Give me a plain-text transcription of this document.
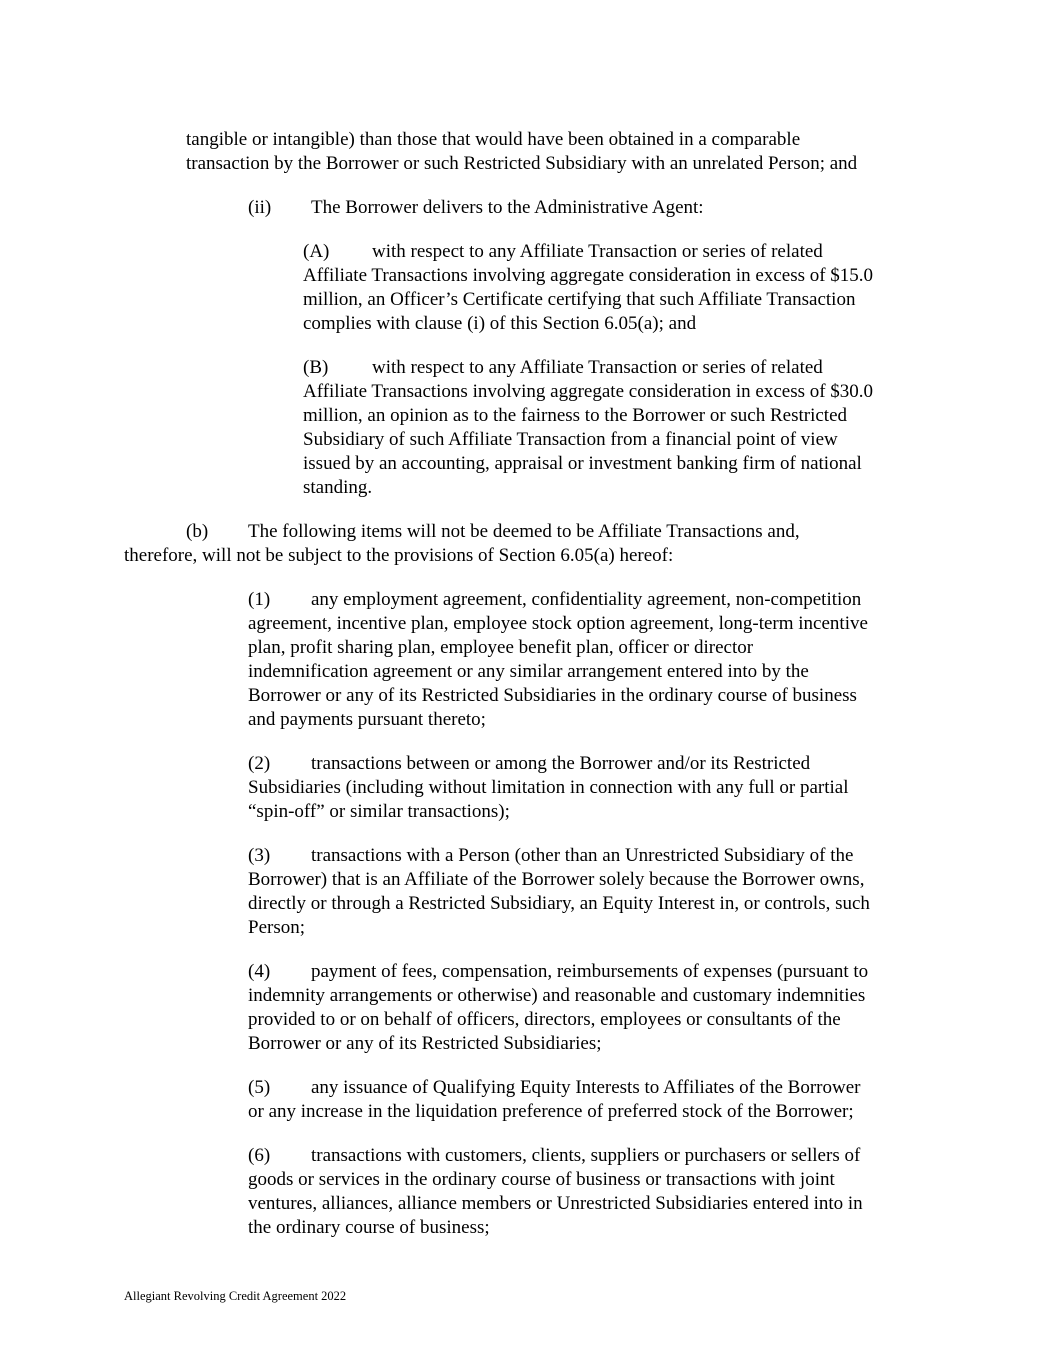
tangible or intangible) than those that would have been obtained in a comparable
transaction by the Borrower or such Restricted Subsidiary with an unrelated Person; and
(ii) The Borrower delivers to the Administrative Agent:
(A) with respect to any Affiliate Transaction or series of related
Affiliate Transactions involving aggregate consideration in excess of $15.0
million, an Officer’s Certificate certifying that such Affiliate Transaction
complies with clause (i) of this Section 6.05(a); and
(B) with respect to any Affiliate Transaction or series of related
Affiliate Transactions involving aggregate consideration in excess of $30.0
million, an opinion as to the fairness to the Borrower or such Restricted
Subsidiary of such Affiliate Transaction from a financial point of view
issued by an accounting, appraisal or investment banking firm of national
standing.
(b) The following items will not be deemed to be Affiliate Transactions and,
therefore, will not be subject to the provisions of Section 6.05(a) hereof:
(1) any employment agreement, confidentiality agreement, non-competition
agreement, incentive plan, employee stock option agreement, long-term incentive
plan, profit sharing plan, employee benefit plan, officer or director
indemnification agreement or any similar arrangement entered into by the
Borrower or any of its Restricted Subsidiaries in the ordinary course of business
and payments pursuant thereto;
(2) transactions between or among the Borrower and/or its Restricted
Subsidiaries (including without limitation in connection with any full or partial
“spin-off” or similar transactions);
(3) transactions with a Person (other than an Unrestricted Subsidiary of the
Borrower) that is an Affiliate of the Borrower solely because the Borrower owns,
directly or through a Restricted Subsidiary, an Equity Interest in, or controls, such
Person;
(4) payment of fees, compensation, reimbursements of expenses (pursuant to
indemnity arrangements or otherwise) and reasonable and customary indemnities
provided to or on behalf of officers, directors, employees or consultants of the
Borrower or any of its Restricted Subsidiaries;
(5) any issuance of Qualifying Equity Interests to Affiliates of the Borrower
or any increase in the liquidation preference of preferred stock of the Borrower;
(6) transactions with customers, clients, suppliers or purchasers or sellers of
goods or services in the ordinary course of business or transactions with joint
ventures, alliances, alliance members or Unrestricted Subsidiaries entered into in
the ordinary course of business;
Allegiant Revolving Credit Agreement 2022
